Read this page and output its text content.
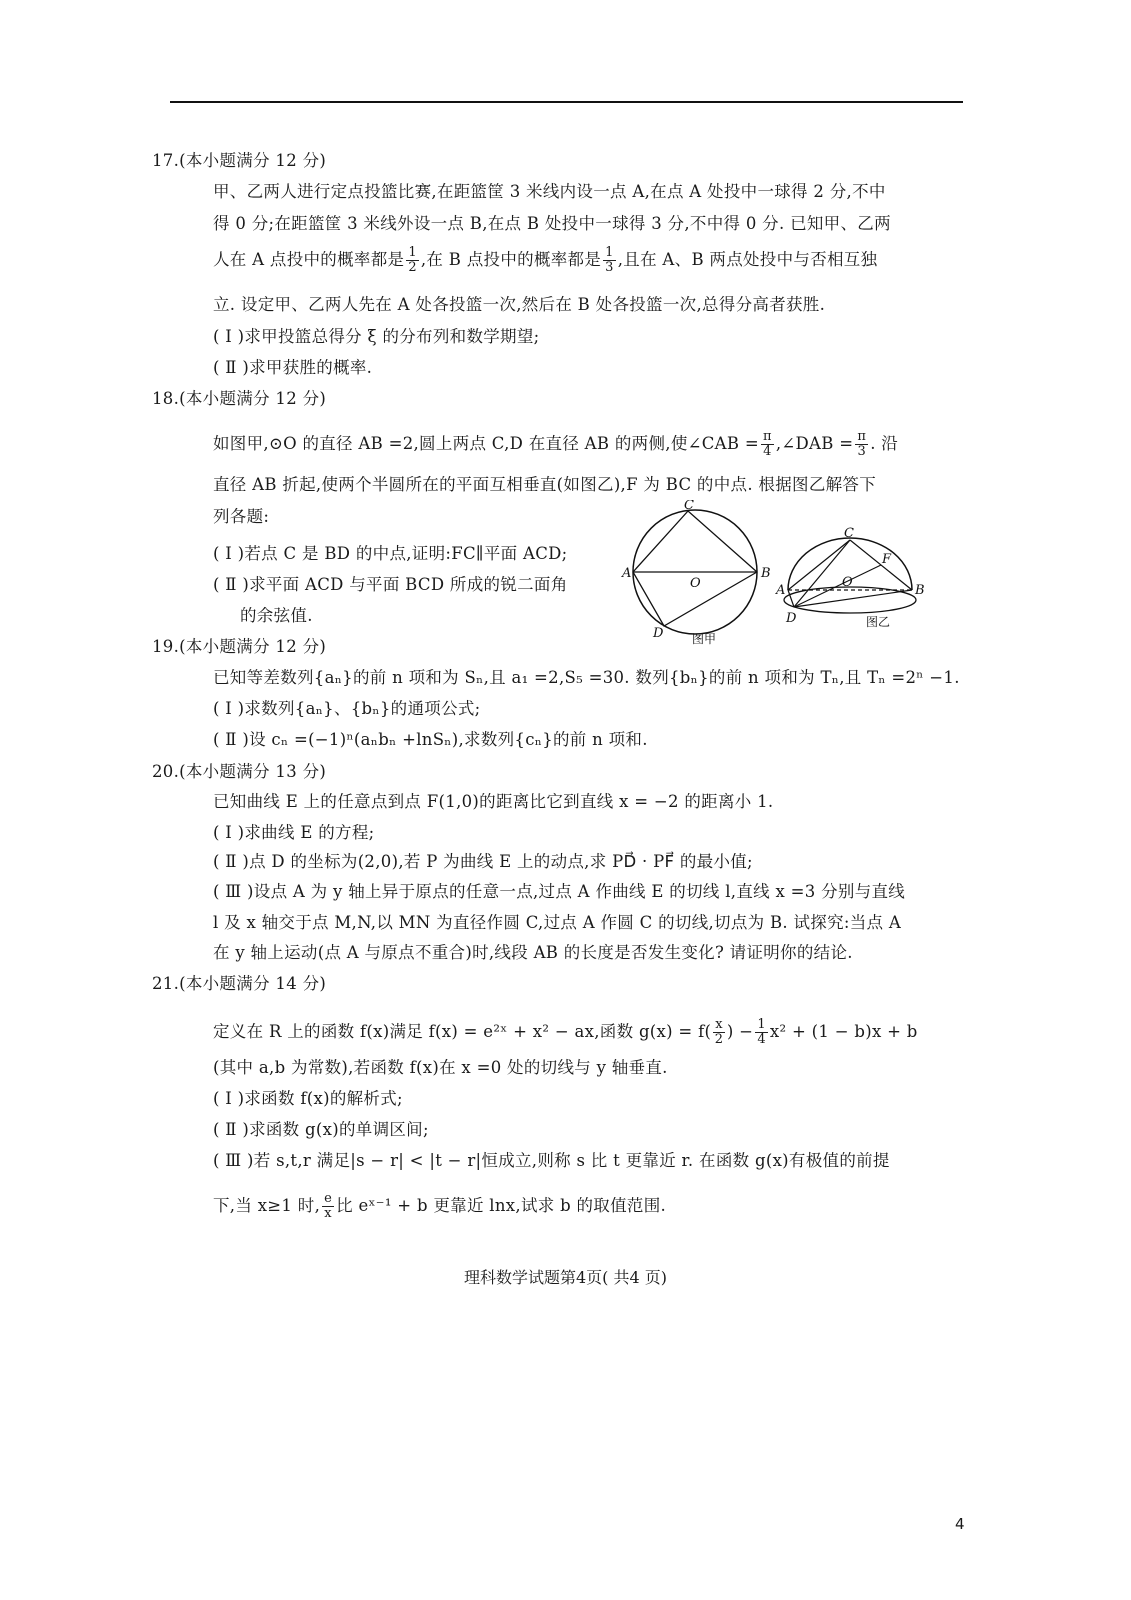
17.(本小题满分 12 分)
甲、乙两人进行定点投篮比赛,在距篮筐 3 米线内设一点 A,在点 A 处投中一球得 2 分,不中
得 0 分;在距篮筐 3 米线外设一点 B,在点 B 处投中一球得 3 分,不中得 0 分. 已知甲、乙两
人在 A 点投中的概率都是 $\frac{1}{2}$ ,在 B 点投中的概率都是 $\frac{1}{3}$ ,且在 A、B 两点处投中与否相互独
立. 设定甲、乙两人先在 A 处各投篮一次,然后在 B 处各投篮一次,总得分高者获胜.
( Ⅰ )求甲投篮总得分 ξ 的分布列和数学期望;
( Ⅱ )求甲获胜的概率.
18.(本小题满分 12 分)
如图甲,⊙O 的直径 AB =2,圆上两点 C,D 在直径 AB 的两侧,使∠CAB = $\frac{\pi}{4}$ ,∠DAB = $\frac{\pi}{3}$ . 沿
直径 AB 折起,使两个半圆所在的平面互相垂直(如图乙),F 为 BC 的中点. 根据图乙解答下
列各题:
( Ⅰ )若点 C 是 BD 的中点,证明:FC∥平面 ACD;
( Ⅱ )求平面 ACD 与平面 BCD 所成的锐二面角
的余弦值.
A	B
C
D
O
图甲
A	B
C
D
O
F
图乙
19.(本小题满分 12 分)
已知等差数列{aₙ}的前 n 项和为 Sₙ,且 a₁ =2,S₅ =30. 数列{bₙ}的前 n 项和为 Tₙ,且 Tₙ =2ⁿ −1.
( Ⅰ )求数列{aₙ}、{bₙ}的通项公式;
( Ⅱ )设 cₙ =(−1)ⁿ(aₙbₙ +lnSₙ),求数列{cₙ}的前 n 项和.
20.(本小题满分 13 分)
已知曲线 E 上的任意点到点 F(1,0)的距离比它到直线 x = −2 的距离小 1.
( Ⅰ )求曲线 E 的方程;
( Ⅱ )点 D 的坐标为(2,0),若 P 为曲线 E 上的动点,求 PD⃗ · PF⃗ 的最小值;
( Ⅲ )设点 A 为 y 轴上异于原点的任意一点,过点 A 作曲线 E 的切线 l,直线 x =3 分别与直线
l 及 x 轴交于点 M,N,以 MN 为直径作圆 C,过点 A 作圆 C 的切线,切点为 B. 试探究:当点 A
在 y 轴上运动(点 A 与原点不重合)时,线段 AB 的长度是否发生变化? 请证明你的结论.
21.(本小题满分 14 分)
定义在 R 上的函数 f(x)满足 f(x) = e²ˣ + x² − ax,函数 $g(x) = f( \frac{x}{2}$ ) − $\frac{1}{4} x^2 + (1 - b)x + b$
(其中 a,b 为常数),若函数 f(x)在 x =0 处的切线与 y 轴垂直.
( Ⅰ )求函数 f(x)的解析式;
( Ⅱ )求函数 g(x)的单调区间;
( Ⅲ )若 s,t,r 满足|s − r| < |t − r|恒成立,则称 s 比 t 更靠近 r. 在函数 g(x)有极值的前提
下,当 x≥1 时, $\frac{e}{x}$ 比 eˣ⁻¹ + b 更靠近 lnx,试求 b 的取值范围.
理科数学试题第4页( 共4 页)
4
